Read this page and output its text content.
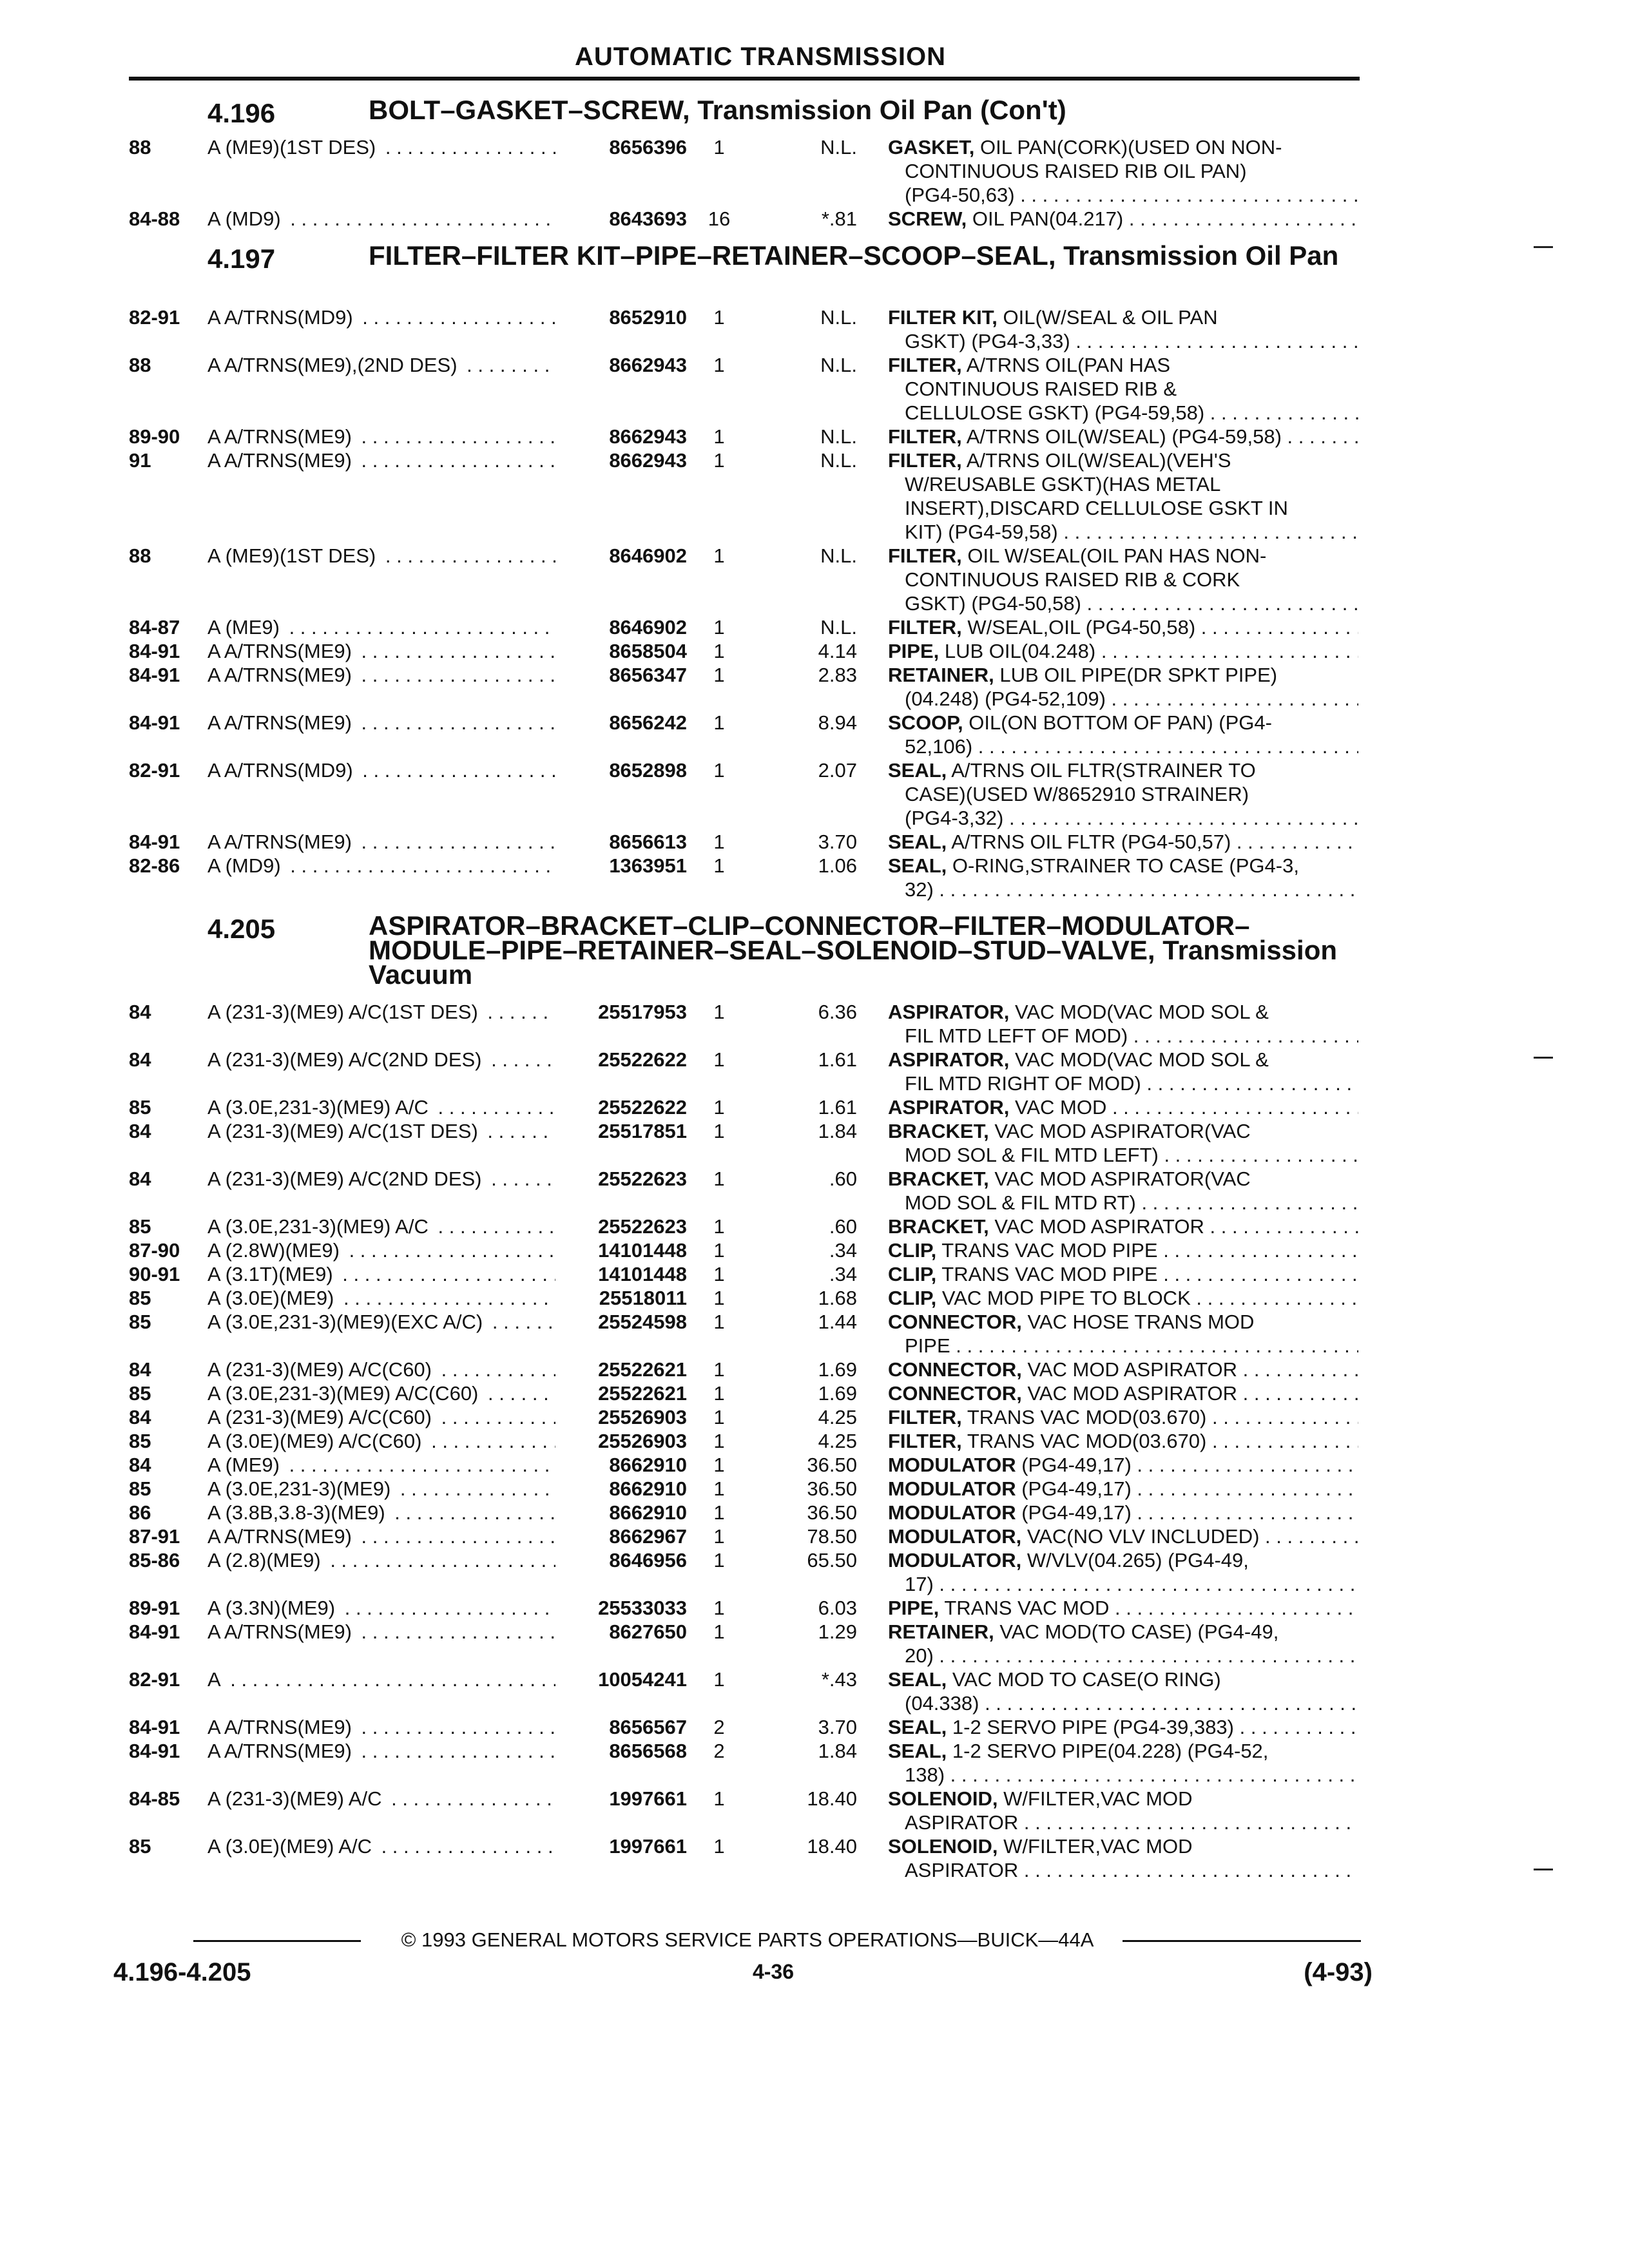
AUTOMATIC TRANSMISSION
4.196	BOLT–GASKET–SCREW, Transmission Oil Pan (Con't)
88	A (ME9)(1ST DES) . . .	8656396	1	N.L. GASKET, OIL PAN(CORK)(USED ON NON-
CONTINUOUS RAISED RIB OIL PAN)
(PG4-50,63) . . .
84-88 A (MD9) . . .	8643693	16	*.81 SCREW, OIL PAN(04.217) . . .
4.197	FILTER–FILTER KIT–PIPE–RETAINER–SCOOP–SEAL, Transmission Oil Pan
82-91 A A/TRNS(MD9) . . .	8652910	1	N.L. FILTER KIT, OIL(W/SEAL & OIL PAN
GSKT) (PG4-3,33) . . .
88	A A/TRNS(ME9),(2ND DES) . . .	8662943	1	N.L. FILTER, A/TRNS OIL(PAN HAS
CONTINUOUS RAISED RIB &
CELLULOSE GSKT) (PG4-59,58) . . .
89-90 A A/TRNS(ME9) . . .	8662943	1	N.L. FILTER, A/TRNS OIL(W/SEAL) (PG4-59,58) . . .
91	A A/TRNS(ME9) . . .	8662943	1	N.L. FILTER, A/TRNS OIL(W/SEAL)(VEH'S
W/REUSABLE GSKT)(HAS METAL
INSERT),DISCARD CELLULOSE GSKT IN
KIT) (PG4-59,58) . . .
88	A (ME9)(1ST DES) . . .	8646902	1	N.L. FILTER, OIL W/SEAL(OIL PAN HAS NON-
CONTINUOUS RAISED RIB & CORK
GSKT) (PG4-50,58) . . .
84-87 A (ME9) . . .	8646902	1	N.L. FILTER, W/SEAL,OIL (PG4-50,58) . . .
84-91 A A/TRNS(ME9) . . .	8658504	1	4.14 PIPE, LUB OIL(04.248) . . .
84-91 A A/TRNS(ME9) . . .	8656347	1	2.83 RETAINER, LUB OIL PIPE(DR SPKT PIPE)
(04.248) (PG4-52,109) . . .
84-91 A A/TRNS(ME9) . . .	8656242	1	8.94 SCOOP, OIL(ON BOTTOM OF PAN) (PG4-
52,106) . . .
82-91 A A/TRNS(MD9) . . .	8652898	1	2.07 SEAL, A/TRNS OIL FLTR(STRAINER TO
CASE)(USED W/8652910 STRAINER)
(PG4-3,32) . . .
84-91 A A/TRNS(ME9) . . .	8656613	1	3.70 SEAL, A/TRNS OIL FLTR (PG4-50,57) . . .
82-86 A (MD9) . . .	1363951	1	1.06 SEAL, O-RING,STRAINER TO CASE (PG4-3,
32) . . .
4.205	ASPIRATOR–BRACKET–CLIP–CONNECTOR–FILTER–MODULATOR–MODULE–PIPE–RETAINER–SEAL–SOLENOID–STUD–VALVE, Transmission Vacuum
84	A (231-3)(ME9) A/C(1ST DES) . . .	25517953	1	6.36 ASPIRATOR, VAC MOD(VAC MOD SOL &
FIL MTD LEFT OF MOD) . . .
84	A (231-3)(ME9) A/C(2ND DES) . . .	25522622	1	1.61 ASPIRATOR, VAC MOD(VAC MOD SOL &
FIL MTD RIGHT OF MOD) . . .
85	A (3.0E,231-3)(ME9) A/C . . .	25522622	1	1.61 ASPIRATOR, VAC MOD . . .
84	A (231-3)(ME9) A/C(1ST DES) . . .	25517851	1	1.84 BRACKET, VAC MOD ASPIRATOR(VAC
MOD SOL & FIL MTD LEFT) . . .
84	A (231-3)(ME9) A/C(2ND DES) . . .	25522623	1	.60 BRACKET, VAC MOD ASPIRATOR(VAC
MOD SOL & FIL MTD RT) . . .
85	A (3.0E,231-3)(ME9) A/C . . .	25522623	1	.60 BRACKET, VAC MOD ASPIRATOR . . .
87-90 A (2.8W)(ME9) . . .	14101448	1	.34 CLIP, TRANS VAC MOD PIPE . . .
90-91 A (3.1T)(ME9) . . .	14101448	1	.34 CLIP, TRANS VAC MOD PIPE . . .
85	A (3.0E)(ME9) . . .	25518011	1	1.68 CLIP, VAC MOD PIPE TO BLOCK . . .
85	A (3.0E,231-3)(ME9)(EXC A/C) . . .	25524598	1	1.44 CONNECTOR, VAC HOSE TRANS MOD
PIPE . . .
84	A (231-3)(ME9) A/C(C60) . . .	25522621	1	1.69 CONNECTOR, VAC MOD ASPIRATOR . . .
85	A (3.0E,231-3)(ME9) A/C(C60) . . .	25522621	1	1.69 CONNECTOR, VAC MOD ASPIRATOR . . .
84	A (231-3)(ME9) A/C(C60) . . .	25526903	1	4.25 FILTER, TRANS VAC MOD(03.670) . . .
85	A (3.0E)(ME9) A/C(C60) . . .	25526903	1	4.25 FILTER, TRANS VAC MOD(03.670) . . .
84	A (ME9) . . .	8662910	1	36.50 MODULATOR (PG4-49,17) . . .
85	A (3.0E,231-3)(ME9) . . .	8662910	1	36.50 MODULATOR (PG4-49,17) . . .
86	A (3.8B,3.8-3)(ME9) . . .	8662910	1	36.50 MODULATOR (PG4-49,17) . . .
87-91 A A/TRNS(ME9) . . .	8662967	1	78.50 MODULATOR, VAC(NO VLV INCLUDED) . . .
85-86 A (2.8)(ME9) . . .	8646956	1	65.50 MODULATOR, W/VLV(04.265) (PG4-49,
17) . . .
89-91 A (3.3N)(ME9) . . .	25533033	1	6.03 PIPE, TRANS VAC MOD . . .
84-91 A A/TRNS(ME9) . . .	8627650	1	1.29 RETAINER, VAC MOD(TO CASE) (PG4-49,
20) . . .
82-91 A . . .	10054241	1	*.43 SEAL, VAC MOD TO CASE(O RING)
(04.338) . . .
84-91 A A/TRNS(ME9) . . .	8656567	2	3.70 SEAL, 1-2 SERVO PIPE (PG4-39,383) . . .
84-91 A A/TRNS(ME9) . . .	8656568	2	1.84 SEAL, 1-2 SERVO PIPE(04.228) (PG4-52,
138) . . .
84-85 A (231-3)(ME9) A/C . . .	1997661	1	18.40 SOLENOID, W/FILTER,VAC MOD
ASPIRATOR . . .
85	A (3.0E)(ME9) A/C . . .	1997661	1	18.40 SOLENOID, W/FILTER,VAC MOD
ASPIRATOR . . .
© 1993 GENERAL MOTORS SERVICE PARTS OPERATIONS—BUICK—44A
4.196-4.205	4-36	(4-93)
